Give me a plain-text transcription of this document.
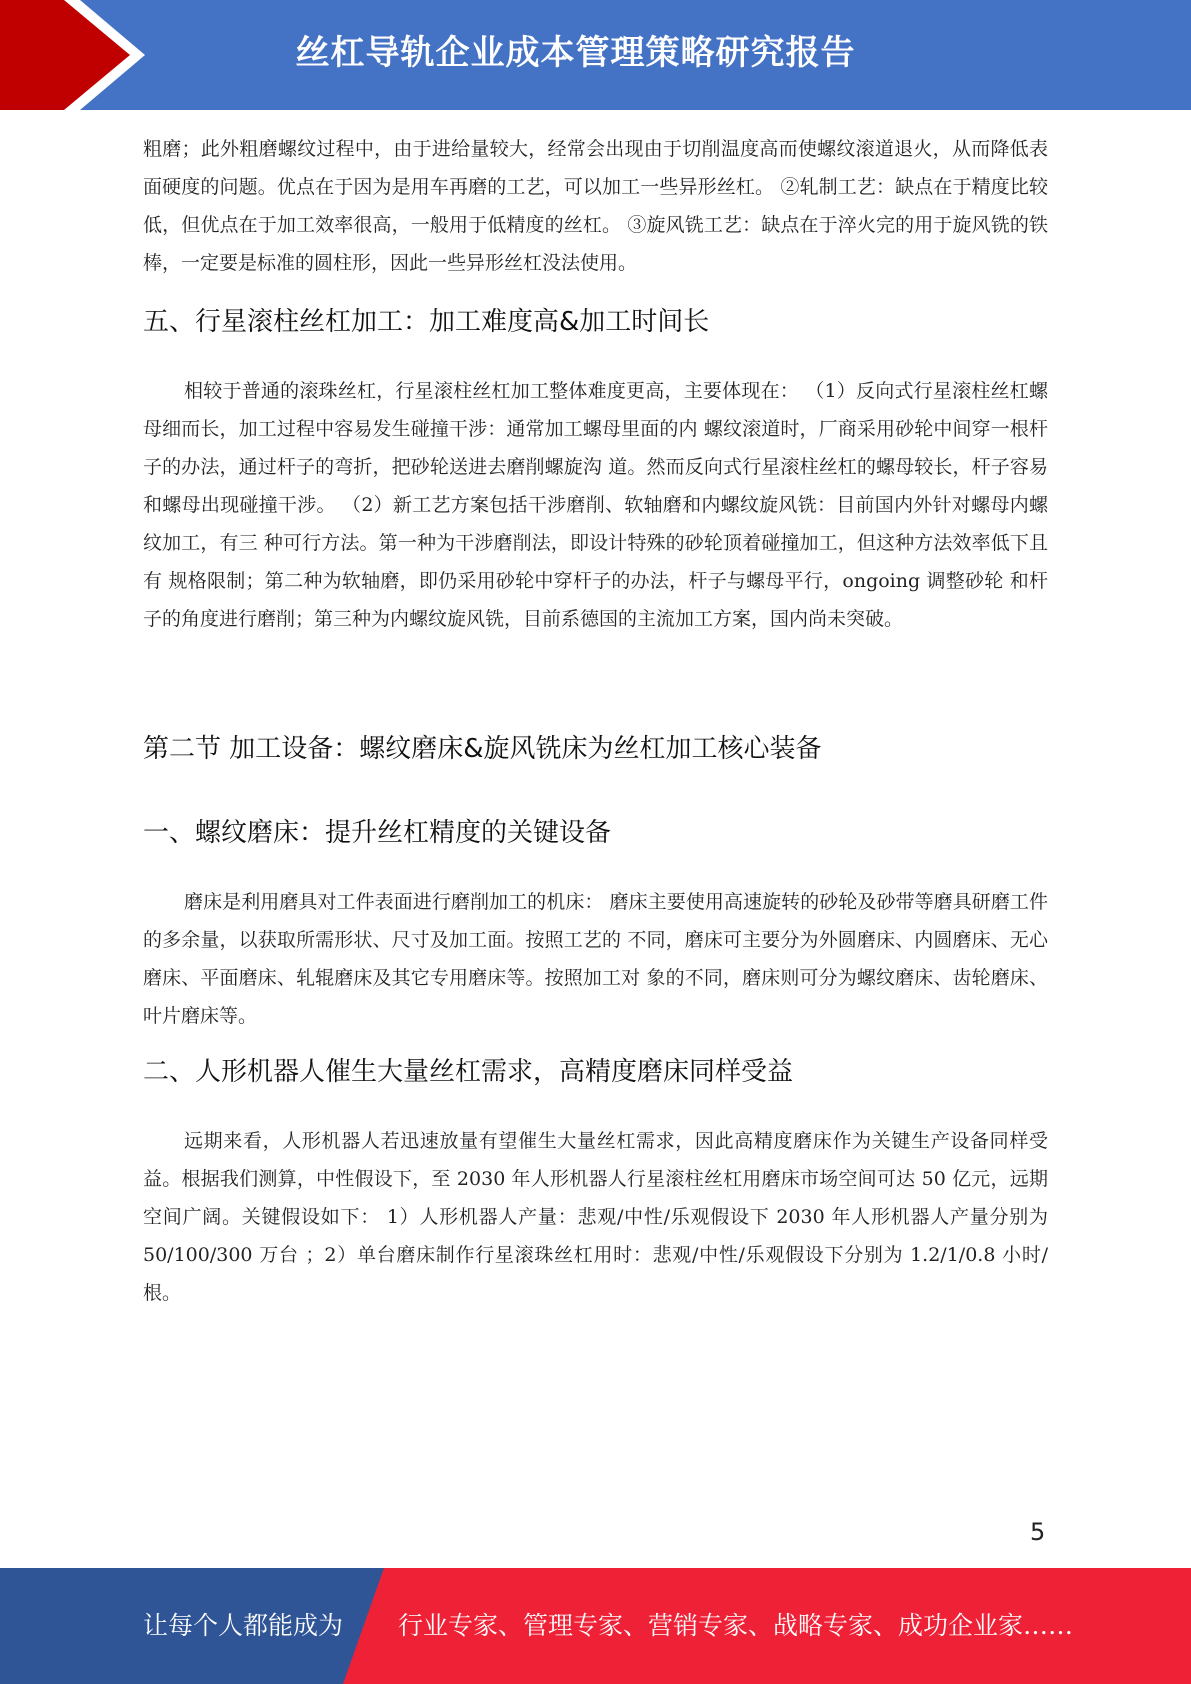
丝杠导轨企业成本管理策略研究报告

粗磨；此外粗磨螺纹过程中，由于进给量较大，经常会出现由于切削温度高而使螺纹滚道退火，从而降低表面硬度的问题。优点在于因为是用车再磨的工艺，可以加工一些异形丝杠。 ②轧制工艺：缺点在于精度比较低，但优点在于加工效率很高，一般用于低精度的丝杠。 ③旋风铣工艺：缺点在于淬火完的用于旋风铣的铁棒，一定要是标准的圆柱形，因此一些异形丝杠没法使用。

五、行星滚柱丝杠加工：加工难度高&加工时间长

相较于普通的滚珠丝杠，行星滚柱丝杠加工整体难度更高，主要体现在： （1）反向式行星滚柱丝杠螺母细而长，加工过程中容易发生碰撞干涉：通常加工螺母里面的内 螺纹滚道时，厂商采用砂轮中间穿一根杆子的办法，通过杆子的弯折，把砂轮送进去磨削螺旋沟 道。然而反向式行星滚柱丝杠的螺母较长，杆子容易和螺母出现碰撞干涉。 （2）新工艺方案包括干涉磨削、软轴磨和内螺纹旋风铣：目前国内外针对螺母内螺纹加工，有三 种可行方法。第一种为干涉磨削法，即设计特殊的砂轮顶着碰撞加工，但这种方法效率低下且有 规格限制；第二种为软轴磨，即仍采用砂轮中穿杆子的办法，杆子与螺母平行，ongoing 调整砂轮 和杆子的角度进行磨削；第三种为内螺纹旋风铣，目前系德国的主流加工方案，国内尚未突破。

第二节 加工设备：螺纹磨床&旋风铣床为丝杠加工核心装备
一、螺纹磨床：提升丝杠精度的关键设备

磨床是利用磨具对工件表面进行磨削加工的机床： 磨床主要使用高速旋转的砂轮及砂带等磨具研磨工件的多余量，以获取所需形状、尺寸及加工面。按照工艺的 不同，磨床可主要分为外圆磨床、内圆磨床、无心磨床、平面磨床、轧辊磨床及其它专用磨床等。按照加工对 象的不同，磨床则可分为螺纹磨床、齿轮磨床、叶片磨床等。

二、人形机器人催生大量丝杠需求，高精度磨床同样受益

远期来看，人形机器人若迅速放量有望催生大量丝杠需求，因此高精度磨床作为关键生产设备同样受益。根据我们测算，中性假设下，至 2030 年人形机器人行星滚柱丝杠用磨床市场空间可达 50 亿元，远期空间广阔。关键假设如下： 1）人形机器人产量：悲观/中性/乐观假设下 2030 年人形机器人产量分别为 50/100/300 万台 ；2）单台磨床制作行星滚珠丝杠用时：悲观/中性/乐观假设下分别为 1.2/1/0.8 小时/根。

5
让每个人都能成为 行业专家、管理专家、营销专家、战略专家、成功企业家……
